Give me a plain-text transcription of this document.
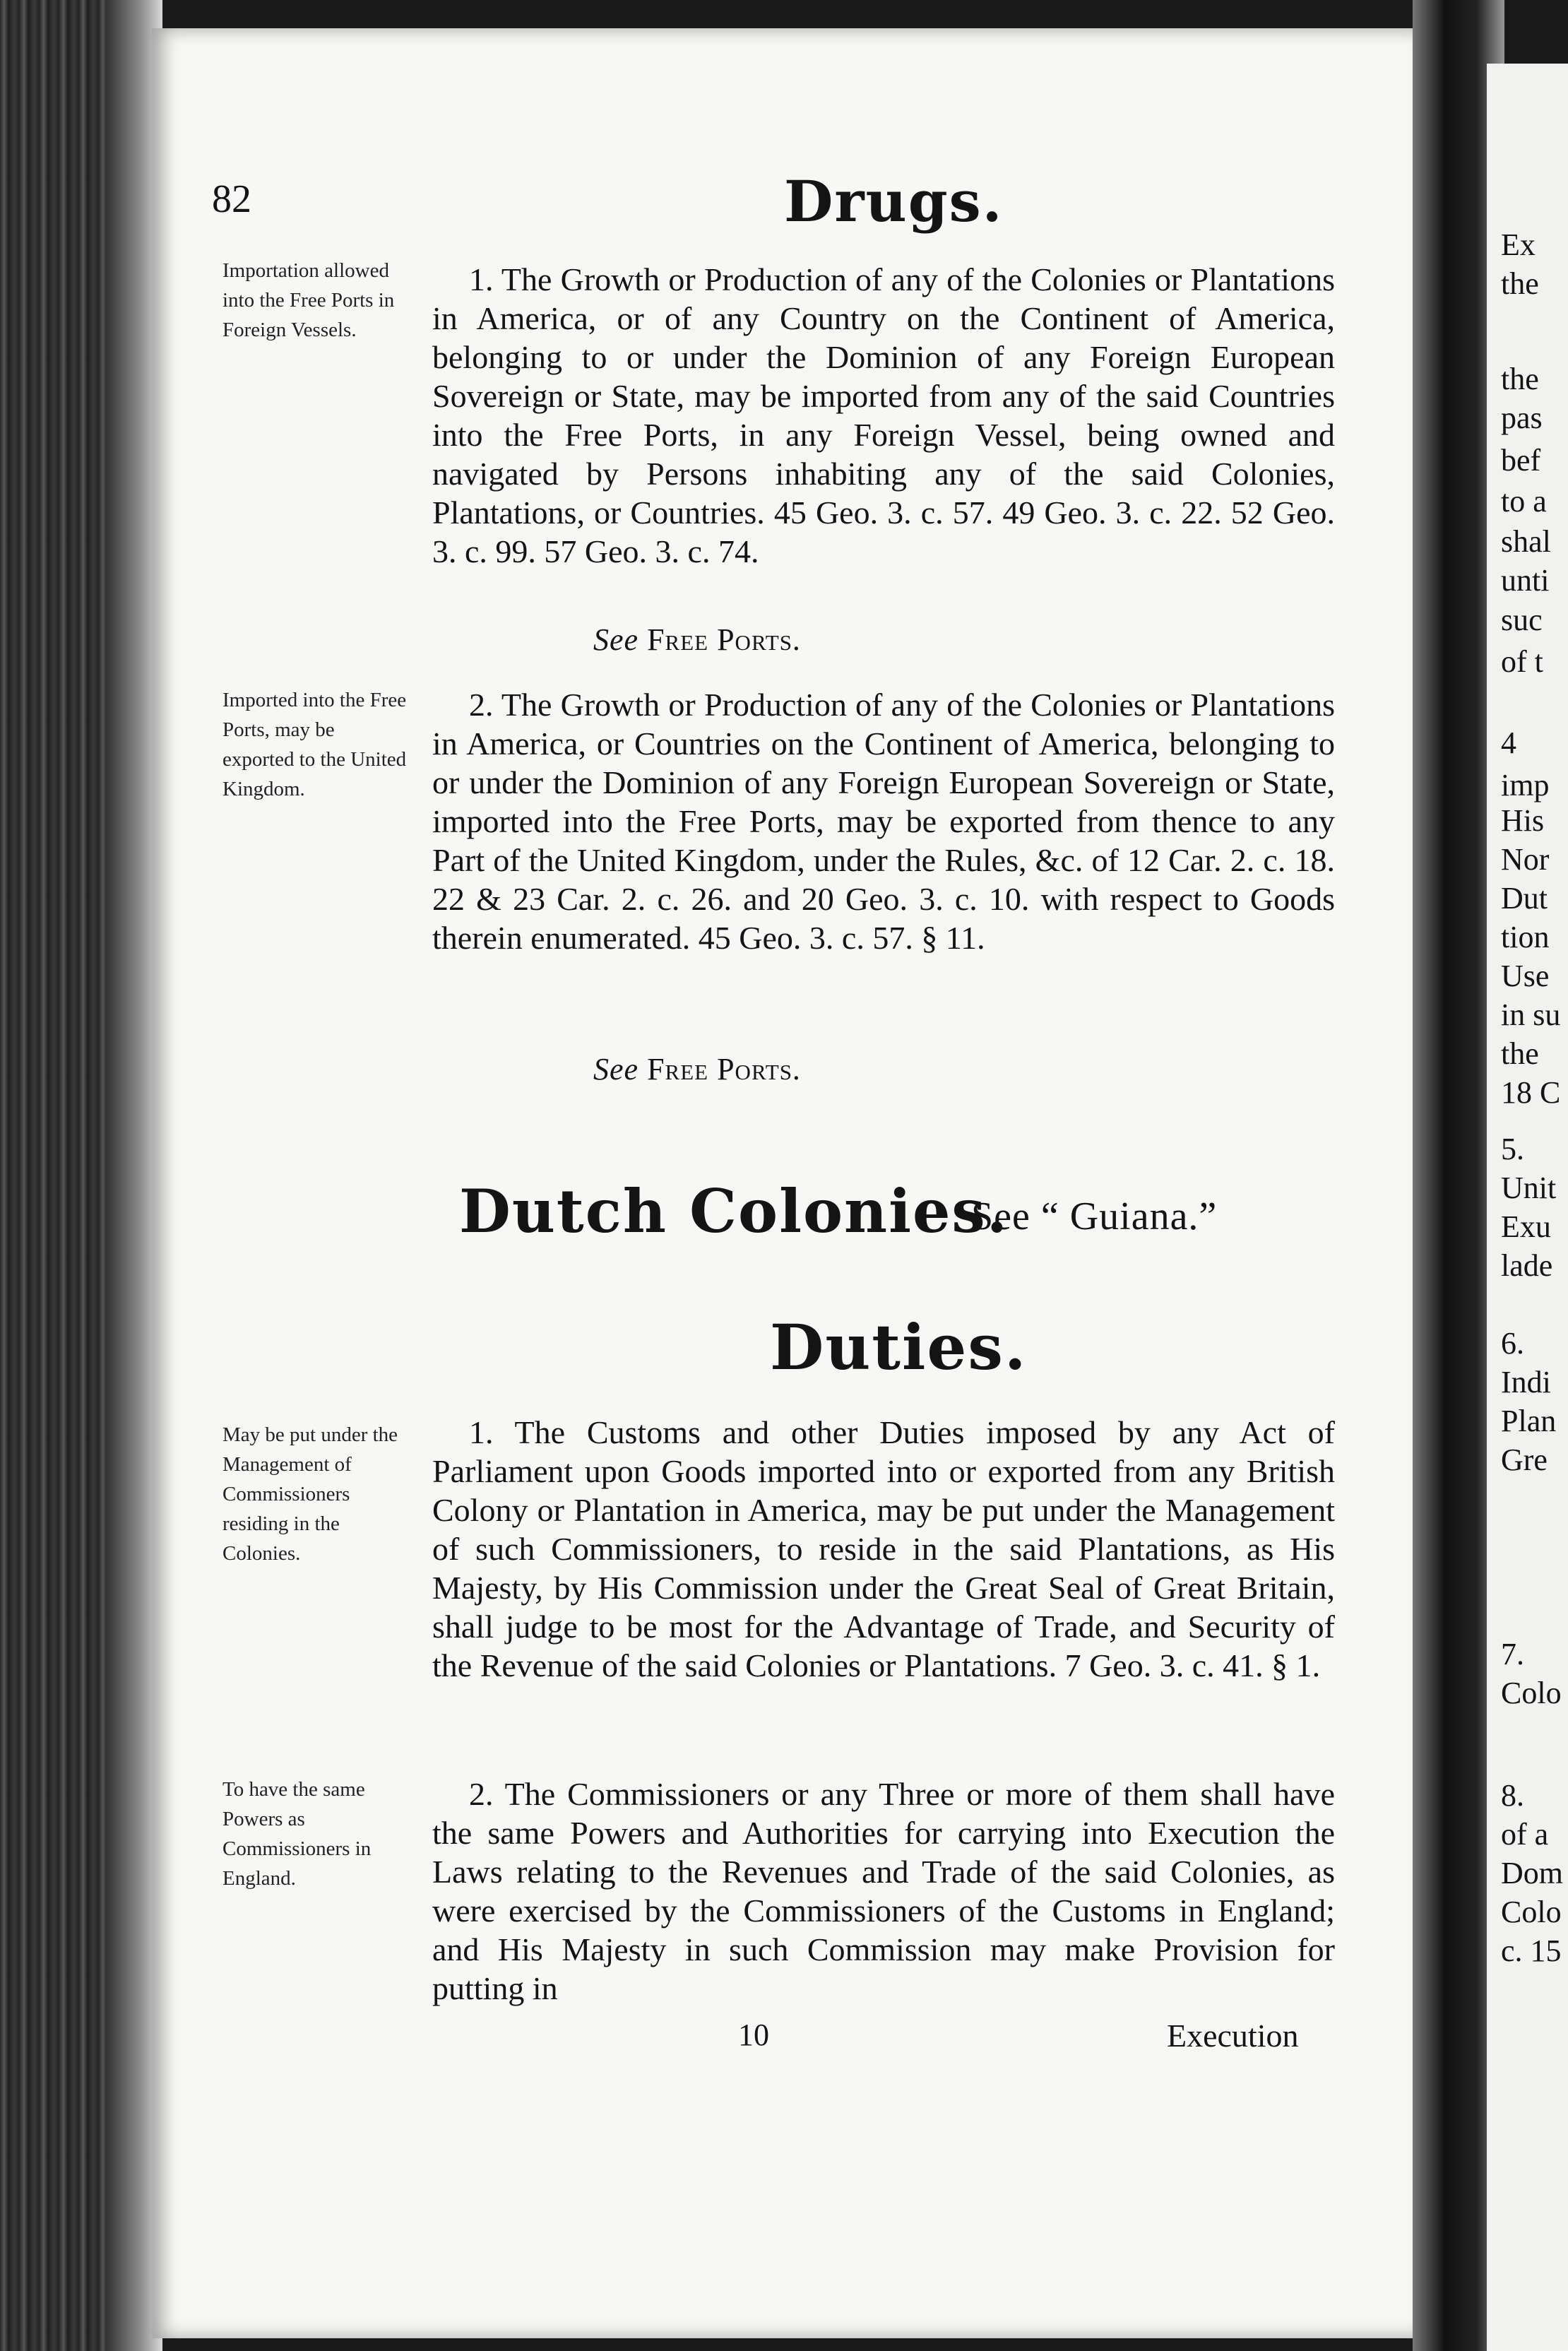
Ex
the
the
pas
bef
to a
shal
unti
suc
of t
4
imp
His
Nor
Dut
tion
Use
in su
the
18 C
5.
Unit
Exu
lade
6.
Indi
Plan
Gre
7.
Colo
8.
of a
Dom
Colo
c. 15
82	Drugs.
Importation allowed into the Free Ports in Foreign Vessels.
1. The Growth or Production of any of the Colonies or Plantations in America, or of any Country on the Continent of America, belonging to or under the Dominion of any Foreign European Sovereign or State, may be imported from any of the said Countries into the Free Ports, in any Foreign Vessel, being owned and navigated by Persons inhabiting any of the said Colonies, Plantations, or Countries. 45 Geo. 3. c. 57. 49 Geo. 3. c. 22. 52 Geo. 3. c. 99. 57 Geo. 3. c. 74.
See Free Ports.
Imported into the Free Ports, may be exported to the United Kingdom.
2. The Growth or Production of any of the Colonies or Plantations in America, or Countries on the Continent of America, belonging to or under the Dominion of any Foreign European Sovereign or State, imported into the Free Ports, may be exported from thence to any Part of the United Kingdom, under the Rules, &c. of 12 Car. 2. c. 18. 22 & 23 Car. 2. c. 26. and 20 Geo. 3. c. 10. with respect to Goods therein enumerated. 45 Geo. 3. c. 57. § 11.
See Free Ports.
Dutch Colonies.
See “ Guiana.”
Duties.
May be put under the Management of Commissioners residing in the Colonies.
1. The Customs and other Duties imposed by any Act of Parliament upon Goods imported into or exported from any British Colony or Plantation in America, may be put under the Management of such Commissioners, to reside in the said Plantations, as His Majesty, by His Commission under the Great Seal of Great Britain, shall judge to be most for the Advantage of Trade, and Security of the Revenue of the said Colonies or Plantations. 7 Geo. 3. c. 41. § 1.
To have the same Powers as Commissioners in England.
2. The Commissioners or any Three or more of them shall have the same Powers and Authorities for carrying into Execution the Laws relating to the Revenues and Trade of the said Colonies, as were exercised by the Commissioners of the Customs in England; and His Majesty in such Commission may make Provision for putting in
10	Execution
